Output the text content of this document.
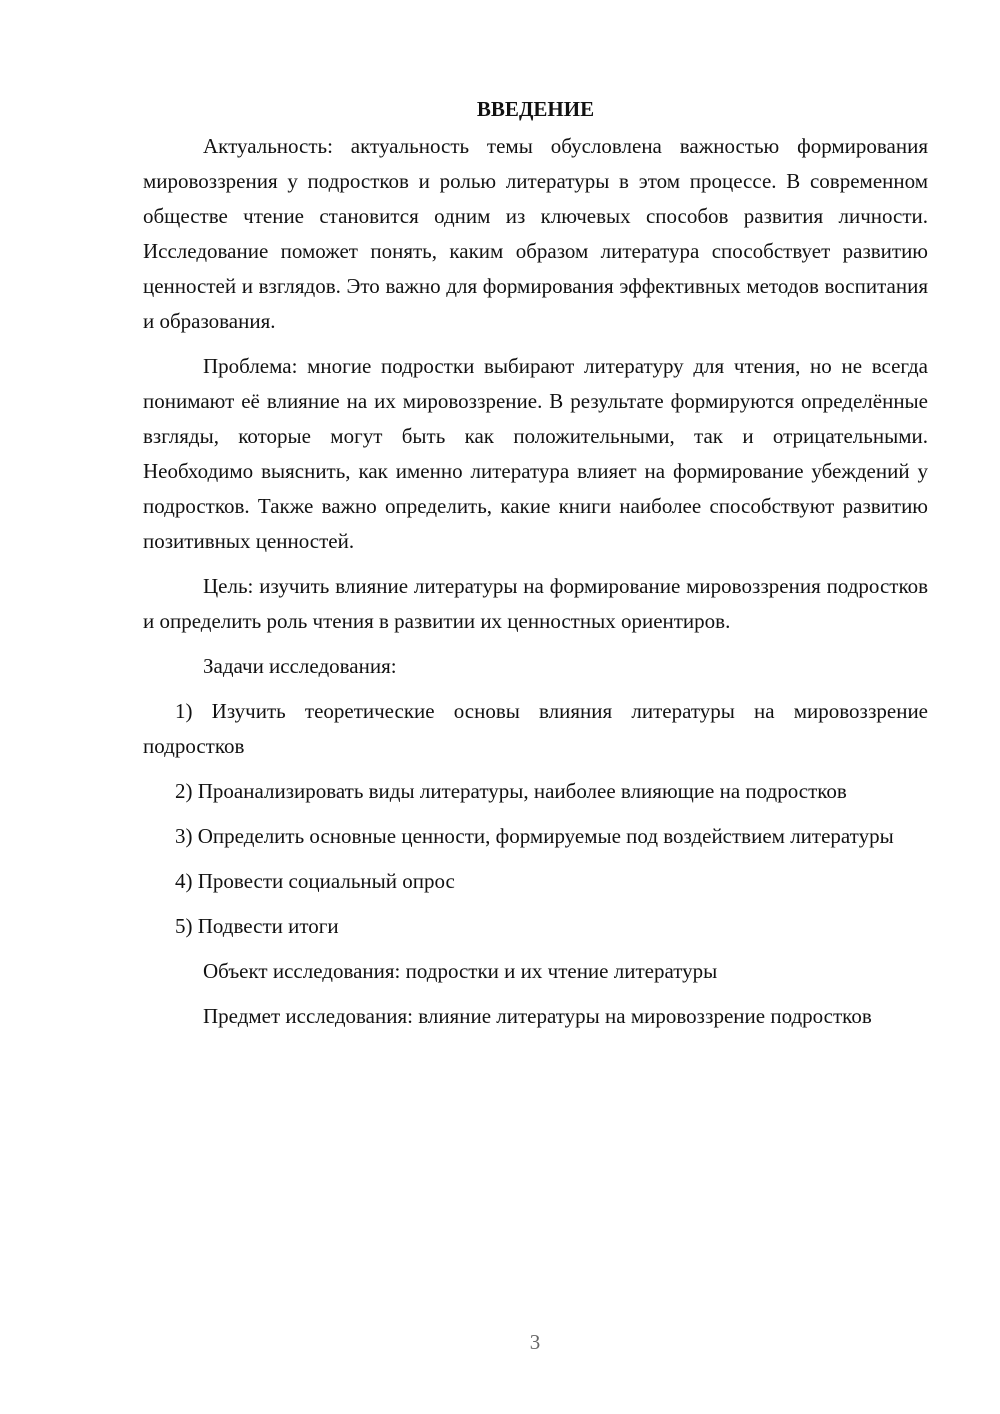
ВВЕДЕНИЕ

Актуальность: актуальность темы обусловлена важностью формирования мировоззрения у подростков и ролью литературы в этом процессе. В современном обществе чтение становится одним из ключевых способов развития личности. Исследование поможет понять, каким образом литература способствует развитию ценностей и взглядов. Это важно для формирования эффективных методов воспитания и образования.

Проблема: многие подростки выбирают литературу для чтения, но не всегда понимают её влияние на их мировоззрение. В результате формируются определённые взгляды, которые могут быть как положительными, так и отрицательными. Необходимо выяснить, как именно литература влияет на формирование убеждений у подростков. Также важно определить, какие книги наиболее способствуют развитию позитивных ценностей.

Цель: изучить влияние литературы на формирование мировоззрения подростков и определить роль чтения в развитии их ценностных ориентиров.

Задачи исследования:

1) Изучить теоретические основы влияния литературы на мировоззрение подростков

2) Проанализировать виды литературы, наиболее влияющие на подростков

3) Определить основные ценности, формируемые под воздействием литературы

4) Провести социальный опрос

5) Подвести итоги

Объект исследования: подростки и их чтение литературы

Предмет исследования: влияние литературы на мировоззрение подростков

3
